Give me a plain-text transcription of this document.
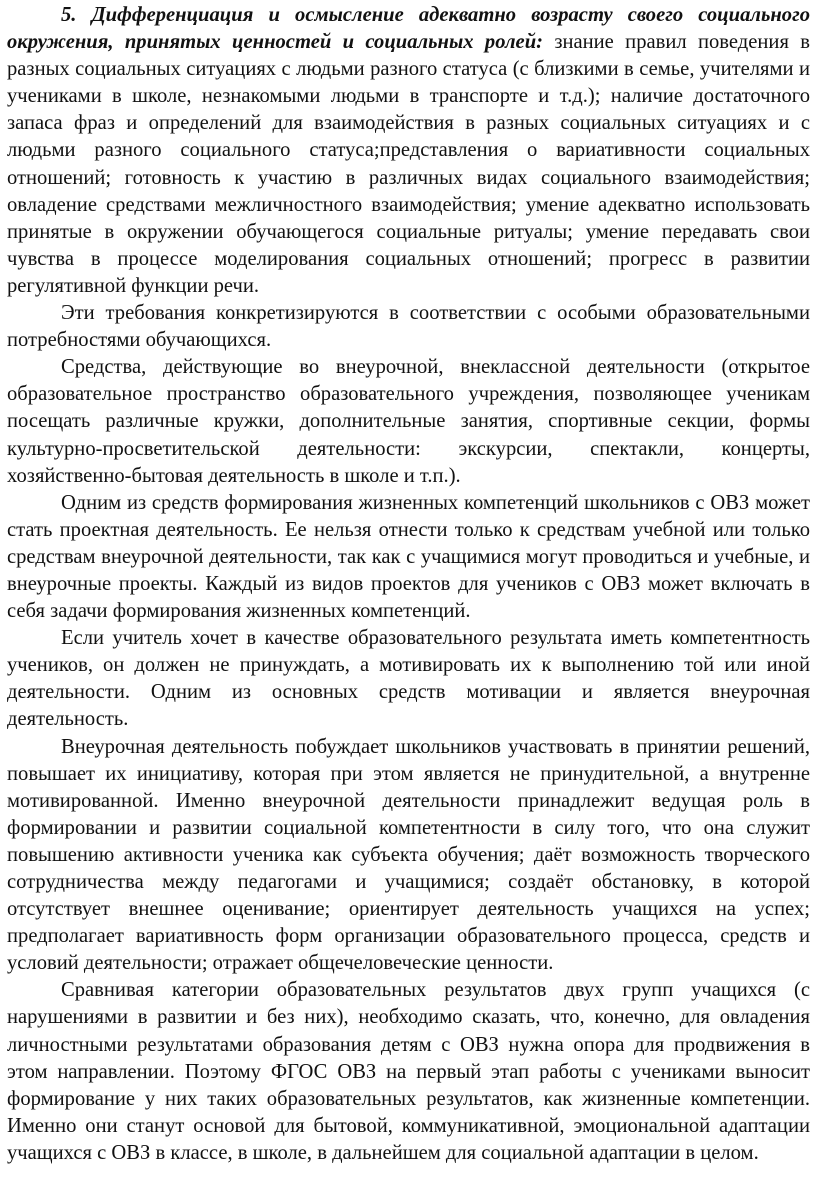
5. Дифференциация и осмысление адекватно возрасту своего социального окружения, принятых ценностей и социальных ролей: знание правил поведения в разных социальных ситуациях с людьми разного статуса (с близкими в семье, учителями и учениками в школе, незнакомыми людьми в транспорте и т.д.); наличие достаточного запаса фраз и определений для взаимодействия в разных социальных ситуациях и с людьми разного социального статуса;представления о вариативности социальных отношений; готовность к участию в различных видах социального взаимодействия; овладение средствами межличностного взаимодействия; умение адекватно использовать принятые в окружении обучающегося социальные ритуалы; умение передавать свои чувства в процессе моделирования социальных отношений; прогресс в развитии регулятивной функции речи.

Эти требования конкретизируются в соответствии с особыми образовательными потребностями обучающихся.

Средства, действующие во внеурочной, внеклассной деятельности (открытое образовательное пространство образовательного учреждения, позволяющее ученикам посещать различные кружки, дополнительные занятия, спортивные секции, формы культурно-просветительской деятельности: экскурсии, спектакли, концерты, хозяйственно-бытовая деятельность в школе и т.п.).

Одним из средств формирования жизненных компетенций школьников с ОВЗ может стать проектная деятельность. Ее нельзя отнести только к средствам учебной или только средствам внеурочной деятельности, так как с учащимися могут проводиться и учебные, и внеурочные проекты. Каждый из видов проектов для учеников с ОВЗ может включать в себя задачи формирования жизненных компетенций.

Если учитель хочет в качестве образовательного результата иметь компетентность учеников, он должен не принуждать, а мотивировать их к выполнению той или иной деятельности. Одним из основных средств мотивации и является внеурочная деятельность.

Внеурочная деятельность побуждает школьников участвовать в принятии решений, повышает их инициативу, которая при этом является не принудительной, а внутренне мотивированной. Именно внеурочной деятельности принадлежит ведущая роль в формировании и развитии социальной компетентности в силу того, что она служит повышению активности ученика как субъекта обучения; даёт возможность творческого сотрудничества между педагогами и учащимися; создаёт обстановку, в которой отсутствует внешнее оценивание; ориентирует деятельность учащихся на успех; предполагает вариативность форм организации образовательного процесса, средств и условий деятельности; отражает общечеловеческие ценности.

Сравнивая категории образовательных результатов двух групп учащихся (с нарушениями в развитии и без них), необходимо сказать, что, конечно, для овладения личностными результатами образования детям с ОВЗ нужна опора для продвижения в этом направлении. Поэтому ФГОС ОВЗ на первый этап работы с учениками выносит формирование у них таких образовательных результатов, как жизненные компетенции. Именно они станут основой для бытовой, коммуникативной, эмоциональной адаптации учащихся с ОВЗ в классе, в школе, в дальнейшем для социальной адаптации в целом.
